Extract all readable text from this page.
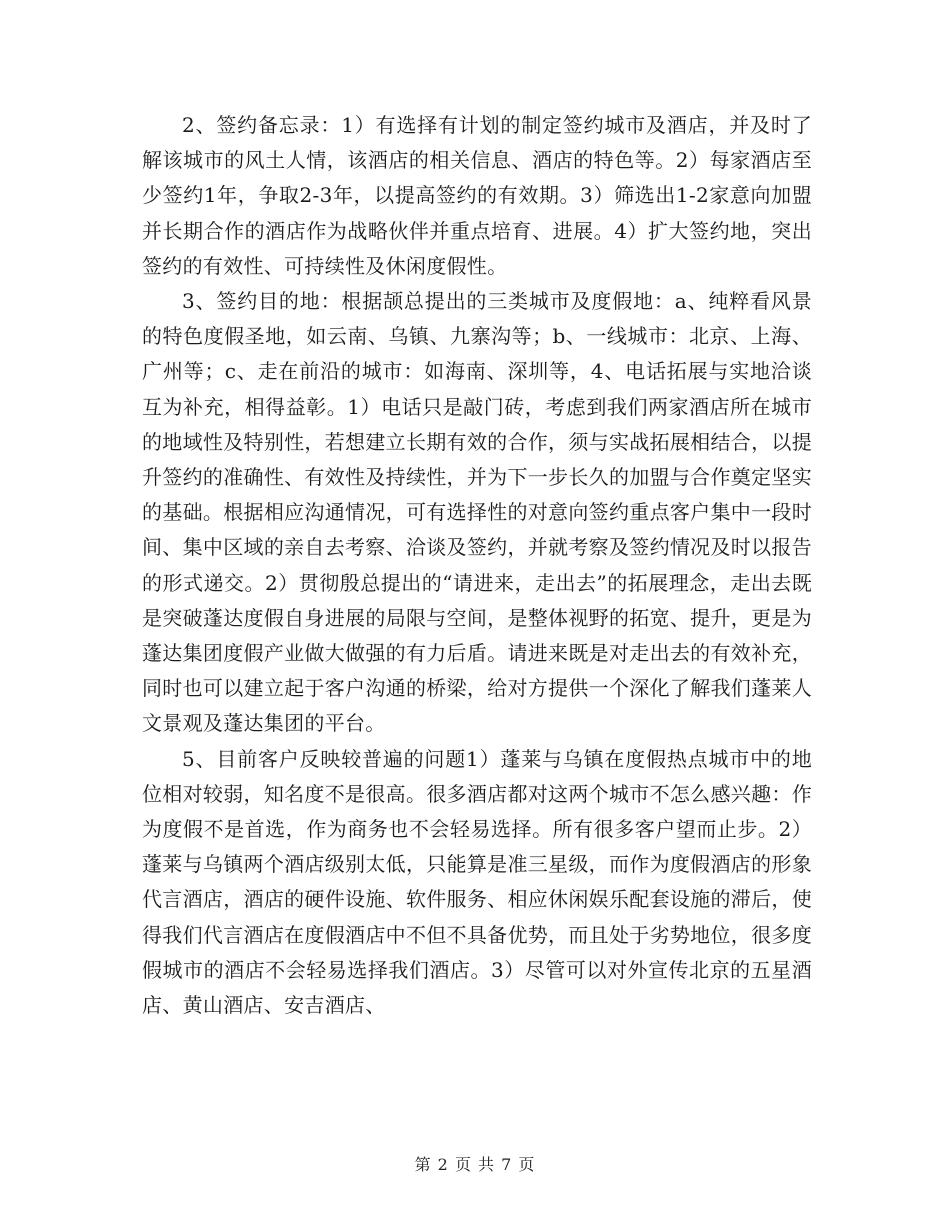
2、签约备忘录：1）有选择有计划的制定签约城市及酒店，并及时了解该城市的风土人情，该酒店的相关信息、酒店的特色等。2）每家酒店至少签约1年，争取2-3年，以提高签约的有效期。3）筛选出1-2家意向加盟并长期合作的酒店作为战略伙伴并重点培育、进展。4）扩大签约地，突出签约的有效性、可持续性及休闲度假性。

3、签约目的地：根据颉总提出的三类城市及度假地：a、纯粹看风景的特色度假圣地，如云南、乌镇、九寨沟等；b、一线城市：北京、上海、广州等；c、走在前沿的城市：如海南、深圳等，4、电话拓展与实地洽谈互为补充，相得益彰。1）电话只是敲门砖，考虑到我们两家酒店所在城市的地域性及特别性，若想建立长期有效的合作，须与实战拓展相结合，以提升签约的准确性、有效性及持续性，并为下一步长久的加盟与合作奠定坚实的基础。根据相应沟通情况，可有选择性的对意向签约重点客户集中一段时间、集中区域的亲自去考察、洽谈及签约，并就考察及签约情况及时以报告的形式递交。2）贯彻殷总提出的“请进来，走出去”的拓展理念，走出去既是突破蓬达度假自身进展的局限与空间，是整体视野的拓宽、提升，更是为蓬达集团度假产业做大做强的有力后盾。请进来既是对走出去的有效补充，同时也可以建立起于客户沟通的桥梁，给对方提供一个深化了解我们蓬莱人文景观及蓬达集团的平台。

5、目前客户反映较普遍的问题1）蓬莱与乌镇在度假热点城市中的地位相对较弱，知名度不是很高。很多酒店都对这两个城市不怎么感兴趣：作为度假不是首选，作为商务也不会轻易选择。所有很多客户望而止步。2）蓬莱与乌镇两个酒店级别太低，只能算是准三星级，而作为度假酒店的形象代言酒店，酒店的硬件设施、软件服务、相应休闲娱乐配套设施的滞后，使得我们代言酒店在度假酒店中不但不具备优势，而且处于劣势地位，很多度假城市的酒店不会轻易选择我们酒店。3）尽管可以对外宣传北京的五星酒店、黄山酒店、安吉酒店、

第 2 页 共 7 页
